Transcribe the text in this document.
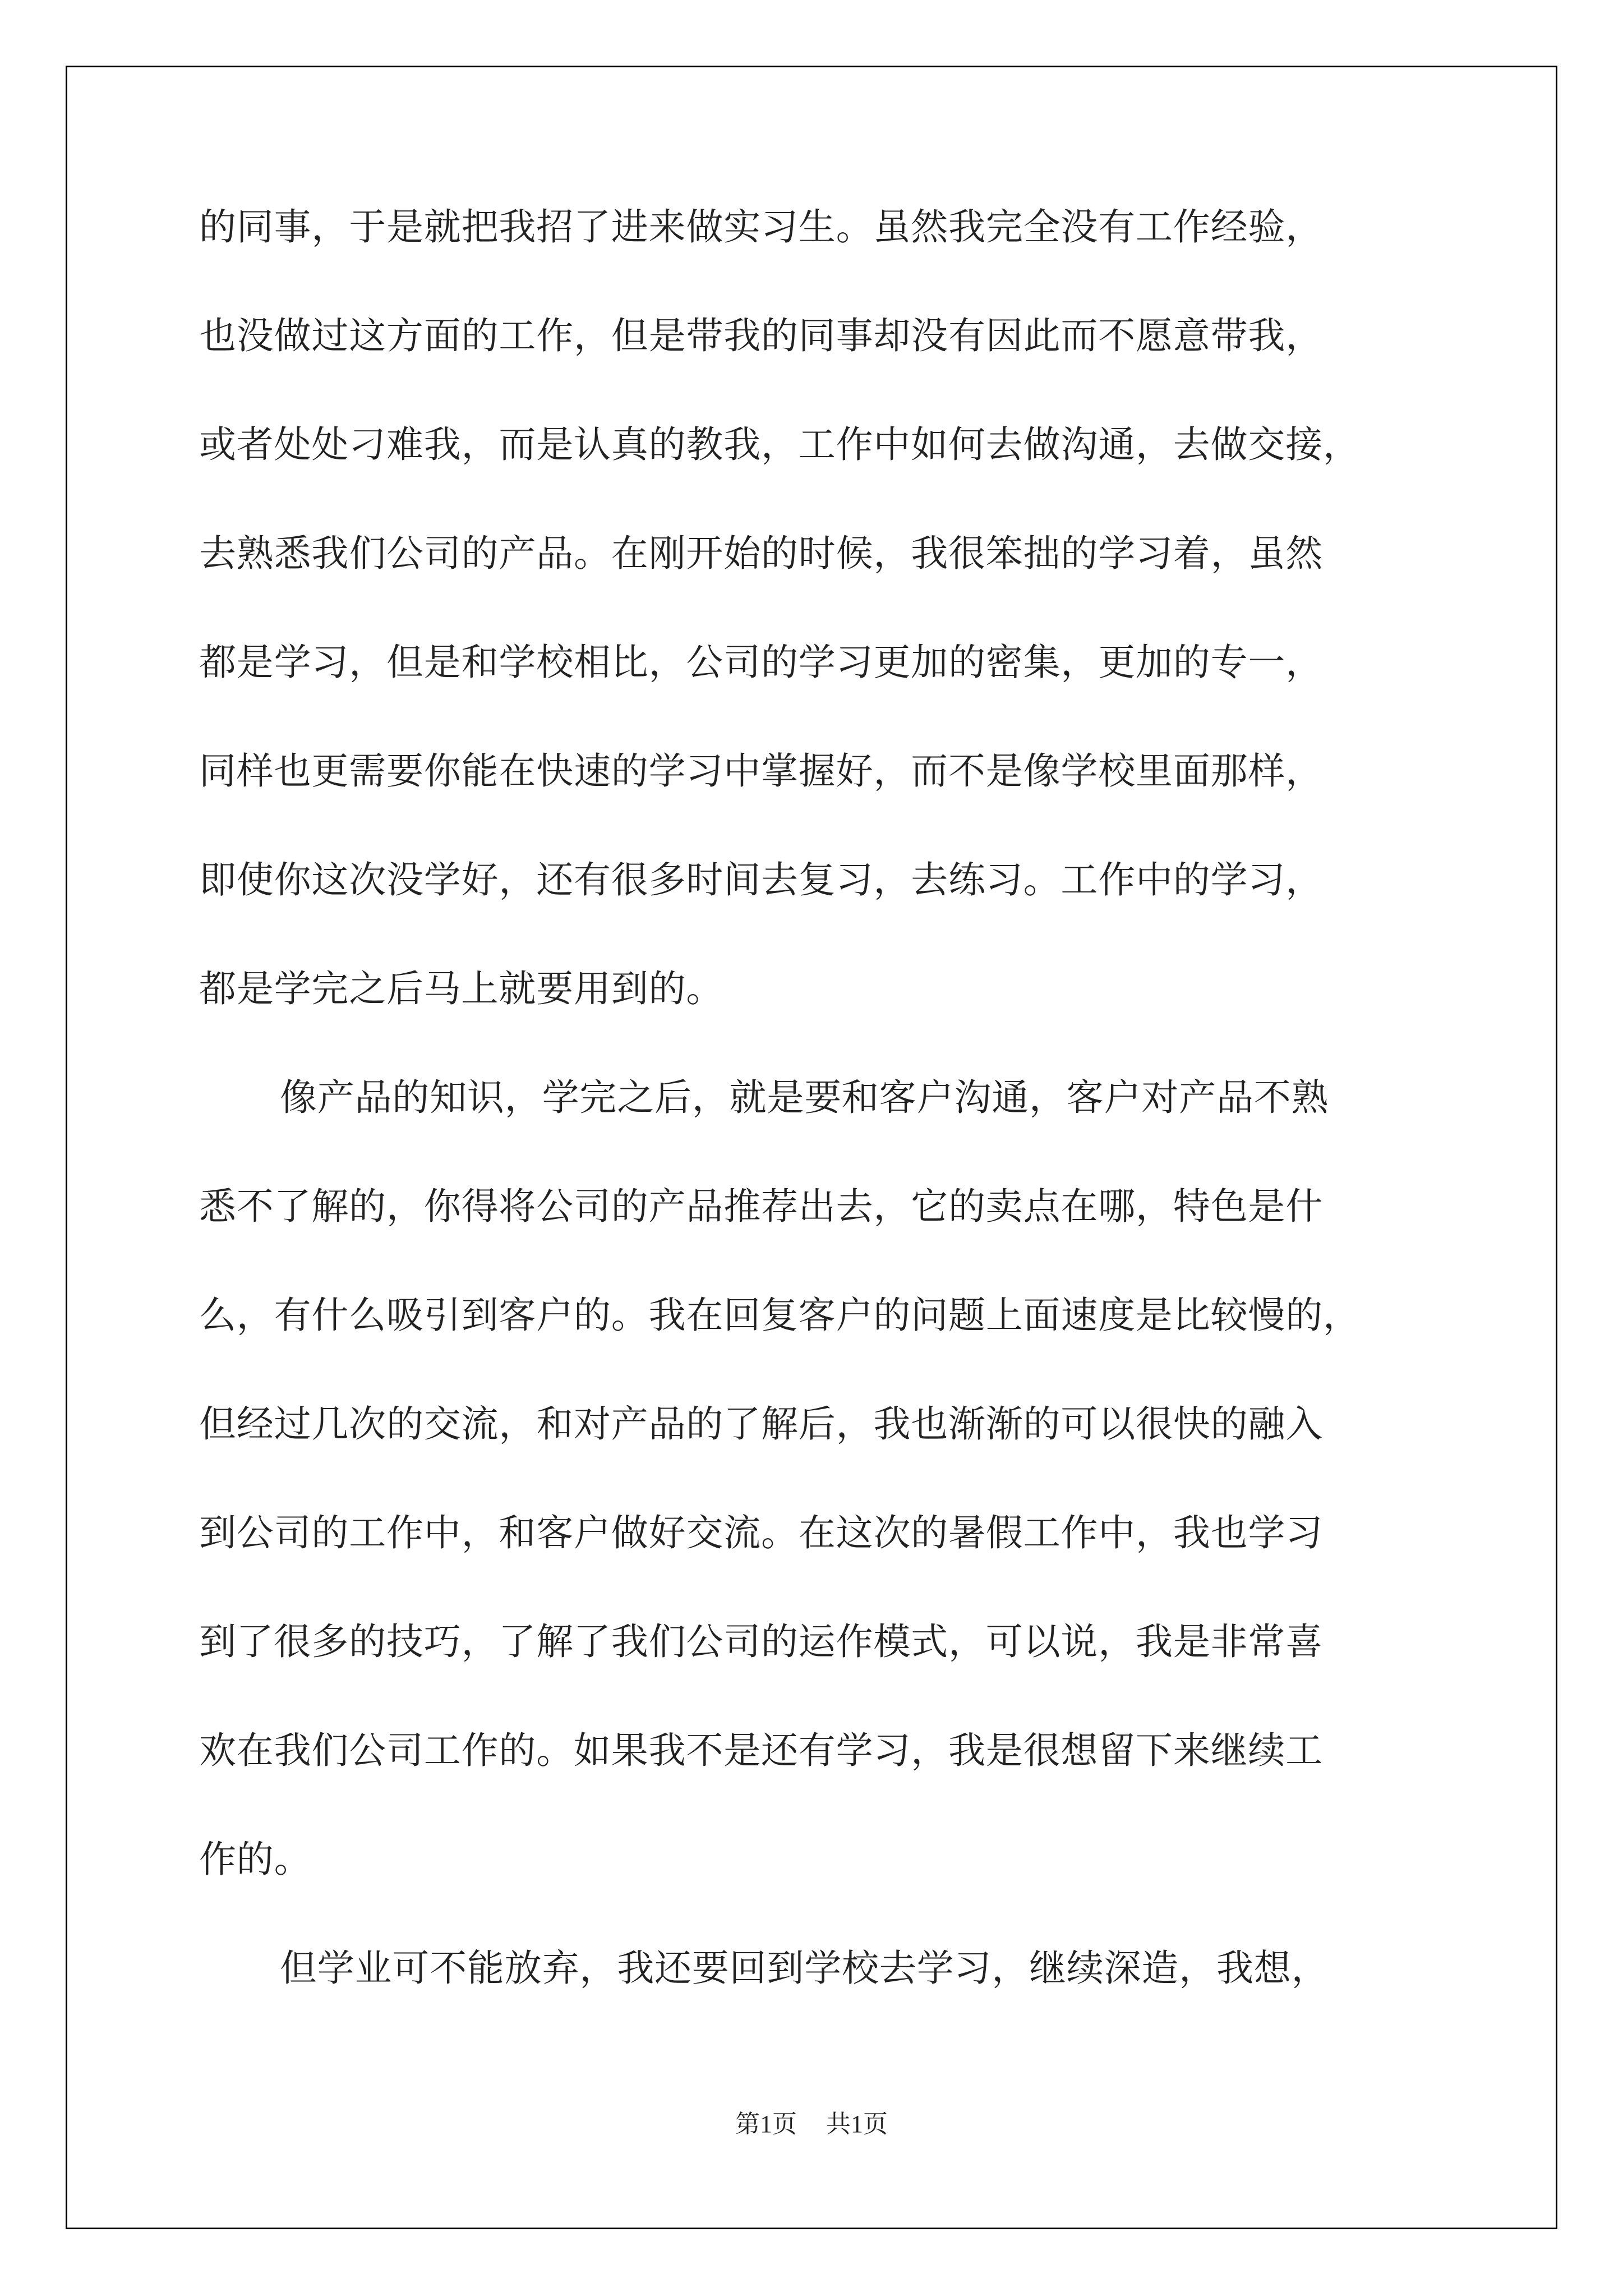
的同事，于是就把我招了进来做实习生。虽然我完全没有工作经验，
也没做过这方面的工作，但是带我的同事却没有因此而不愿意带我，
或者处处刁难我，而是认真的教我，工作中如何去做沟通，去做交接，
去熟悉我们公司的产品。在刚开始的时候，我很笨拙的学习着，虽然
都是学习，但是和学校相比，公司的学习更加的密集，更加的专一，
同样也更需要你能在快速的学习中掌握好，而不是像学校里面那样，
即使你这次没学好，还有很多时间去复习，去练习。工作中的学习，
都是学完之后马上就要用到的。
像产品的知识，学完之后，就是要和客户沟通，客户对产品不熟
悉不了解的，你得将公司的产品推荐出去，它的卖点在哪，特色是什
么，有什么吸引到客户的。我在回复客户的问题上面速度是比较慢的，
但经过几次的交流，和对产品的了解后，我也渐渐的可以很快的融入
到公司的工作中，和客户做好交流。在这次的暑假工作中，我也学习
到了很多的技巧，了解了我们公司的运作模式，可以说，我是非常喜
欢在我们公司工作的。如果我不是还有学习，我是很想留下来继续工
作的。
但学业可不能放弃，我还要回到学校去学习，继续深造，我想，
第1页 共1页
